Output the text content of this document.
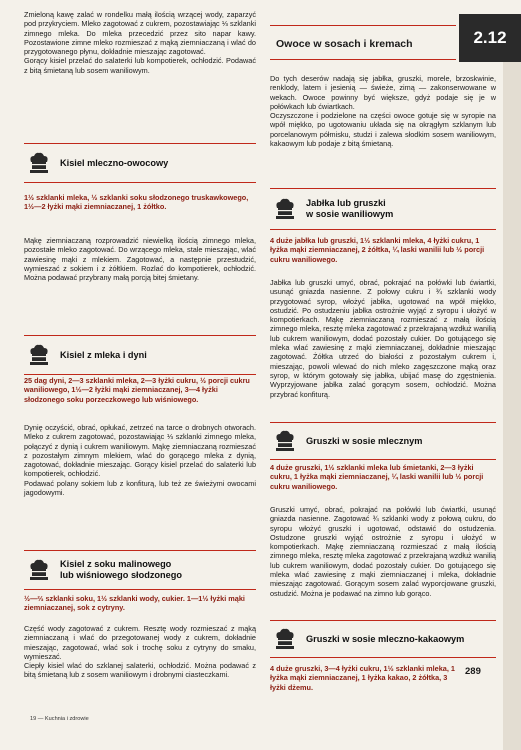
2.12

Zmieloną kawę zalać w rondelku małą ilością wrzącej wody, zaparzyć pod przykryciem. Mleko zagotować z cukrem, pozostawiając ⅓ szklanki zimnego mleka. Do mleka przecedzić przez sito napar kawy. Pozostawione zimne mleko rozmieszać z mąką ziemniaczaną i wlać do przygotowanego płynu, dokładnie mieszając zagotować.
Gorący kisiel przelać do salaterki lub kompotierek, ochłodzić. Podawać z bitą śmietaną lub sosem waniliowym.

Kisiel mleczno-owocowy

1½ szklanki mleka, ½ szklanki soku słodzonego truskawkowego, 1½—2 łyżki mąki ziemniaczanej, 1 żółtko.

Mąkę ziemniaczaną rozprowadzić niewielką ilością zimnego mleka, pozostałe mleko zagotować. Do wrzącego mleka, stale mieszając, wlać zawiesinę mąki z mlekiem. Zagotować, a następnie przestudzić, wymieszać z sokiem i z żółtkiem. Rozlać do kompotierek, ochłodzić. Można podawać przybrany małą porcją bitej śmietany.

Kisiel z mleka i dyni

25 dag dyni, 2—3 szklanki mleka, 2—3 łyżki cukru, ½ porcji cukru waniliowego, 1½—2 łyżki mąki ziemniaczanej, 3—4 łyżki słodzonego soku porzeczkowego lub wiśniowego.

Dynię oczyścić, obrać, opłukać, zetrzeć na tarce o drobnych otworach. Mleko z cukrem zagotować, pozostawiając ⅓ szklanki zimnego mleka, połączyć z dynią i cukrem waniliowym. Mąkę ziemniaczaną rozmieszać z pozostałym zimnym mlekiem, wlać do gorącego mleka z dynią, zagotować, dokładnie mieszając. Gorący kisiel przelać do salaterki lub kompotierek, ochłodzić.
Podawać polany sokiem lub z konfiturą, lub też ze świeżymi owocami jagodowymi.

Kisiel z soku malinowego
lub wiśniowego słodzonego

½—⅔ szklanki soku, 1½ szklanki wody, cukier. 1—1½ łyżki mąki ziemniaczanej, sok z cytryny.

Część wody zagotować z cukrem. Resztę wody rozmieszać z mąką ziemniaczaną i wlać do przegotowanej wody z cukrem, dokładnie mieszając, zagotować, wlać sok i trochę soku z cytryny do smaku, wymieszać.
Ciepły kisiel wlać do szklanej salaterki, ochłodzić. Można podawać z bitą śmietaną lub z sosem waniliowym i drobnymi ciasteczkami.

Owoce w sosach i kremach

Do tych deserów nadają się jabłka, gruszki, morele, brzoskwinie, renklody, latem i jesienią — świeże, zimą — zakonserwowane w wekach. Owoce powinny być większe, gdyż podaje się je w połówkach lub ćwiartkach.
Oczyszczone i podzielone na części owoce gotuje się w syropie na wpół miękko, po ugotowaniu układa się na okrągłym szklanym lub porcelanowym półmisku, studzi i zalewa słodkim sosem waniliowym, kakaowym lub podaje z bitą śmietaną.

Jabłka lub gruszki
w sosie waniliowym

4 duże jabłka lub gruszki, 1½ szklanki mleka, 4 łyżki cukru, 1 łyżka mąki ziemniaczanej, 2 żółtka, ¼ laski wanilii lub ½ porcji cukru waniliowego.

Jabłka lub gruszki umyć, obrać, pokrajać na połówki lub ćwiartki, usunąć gniazda nasienne. Z połowy cukru i ¾ szklanki wody przygotować syrop, włożyć jabłka, ugotować na wpół miękko, ostudzić. Po ostudzeniu jabłka ostrożnie wyjąć z syropu i ułożyć w kompotierkach. Mąkę ziemniaczaną rozmieszać z małą ilością zimnego mleka, resztę mleka zagotować z przekrajaną wzdłuż wanilią lub cukrem waniliowym, dodać pozostały cukier. Do gotującego się mleka wlać zawiesinę z mąki ziemniaczanej, dokładnie mieszając zagotować. Żółtka utrzeć do białości z pozostałym cukrem i, mieszając, powoli wlewać do nich mleko zagęszczone mąką oraz syrop, w którym gotowały się jabłka, ubijać masę do zgęstnienia. Wyprzyjowane jabłka zalać gorącym sosem, ochłodzić. Można przybrać konfiturą.

Gruszki w sosie mlecznym

4 duże gruszki, 1½ szklanki mleka lub śmietanki, 2—3 łyżki cukru, 1 łyżka mąki ziemniaczanej, ¼ laski wanilii lub ½ porcji cukru waniliowego.

Gruszki umyć, obrać, pokrajać na połówki lub ćwiartki, usunąć gniazda nasienne. Zagotować ¾ szklanki wody z połową cukru, do syropu włożyć gruszki i ugotować, odstawić do ostudzenia. Ostudzone gruszki wyjąć ostrożnie z syropu i ułożyć w kompotierkach. Mąkę ziemniaczaną rozmieszać z małą ilością zimnego mleka, resztę mleka zagotować z przekrajaną wzdłuż wanilią lub cukrem waniliowym, dodać pozostały cukier. Do gotującego się mleka wlać zawiesinę z mąki ziemniaczanej i mleka, dokładnie mieszając zagotować. Gorącym sosem zalać wyporcjowane gruszki, ostudzić. Można je podawać na zimno lub gorąco.

Gruszki w sosie mleczno-kakaowym

4 duże gruszki, 3—4 łyżki cukru, 1½ szklanki mleka, 1 łyżka mąki ziemniaczanej, 1 łyżka kakao, 2 żółtka, 3 łyżki dżemu.

289
19 — Kuchnia i zdrowie
